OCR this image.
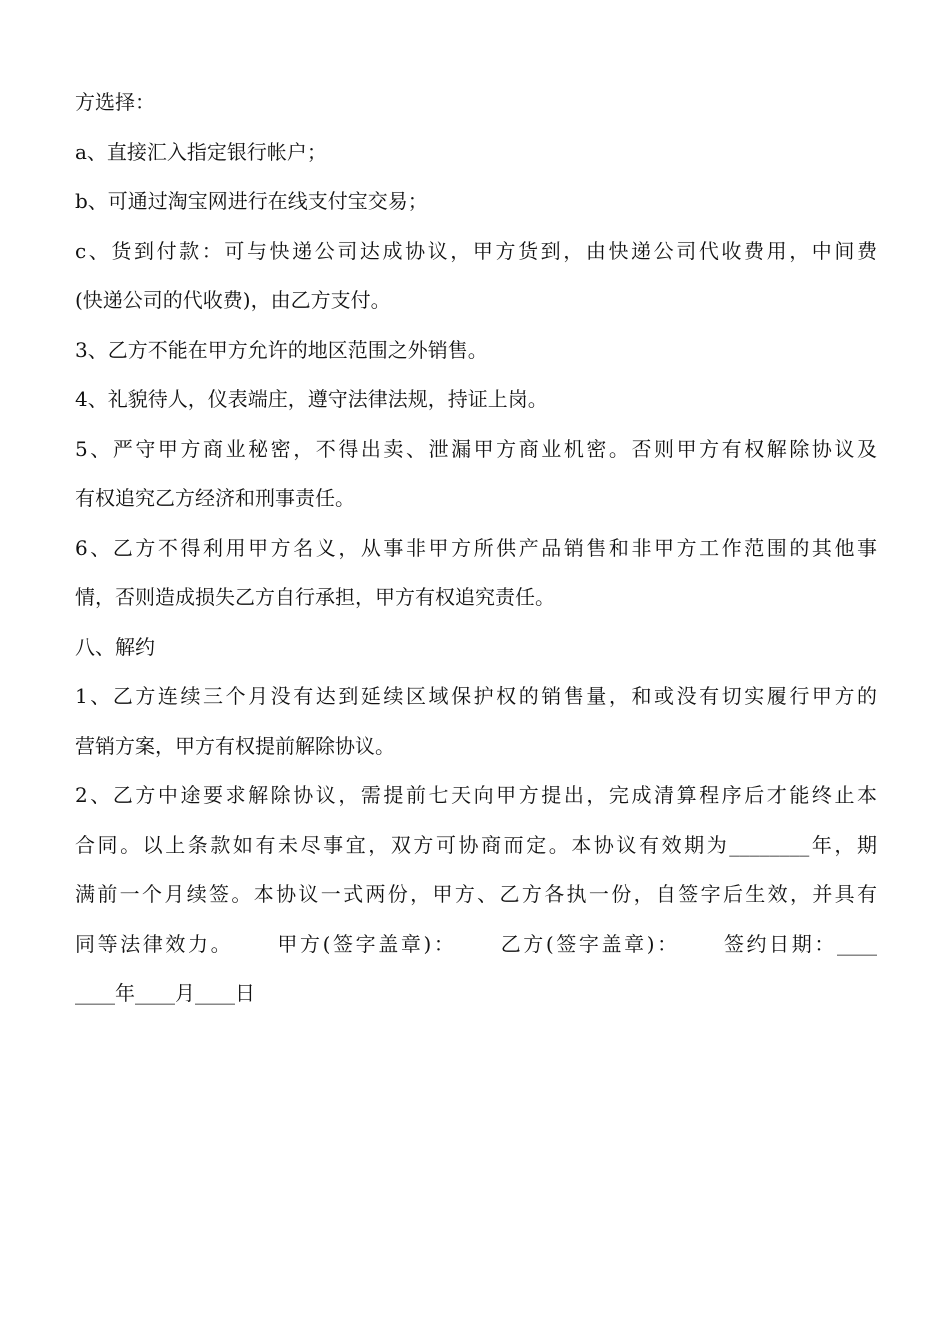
方选择：

a、直接汇入指定银行帐户；

b、可通过淘宝网进行在线支付宝交易；

c、货到付款：可与快递公司达成协议，甲方货到，由快递公司代收费用，中间费

(快递公司的代收费)，由乙方支付。

3、乙方不能在甲方允许的地区范围之外销售。

4、礼貌待人，仪表端庄，遵守法律法规，持证上岗。

5、严守甲方商业秘密，不得出卖、泄漏甲方商业机密。否则甲方有权解除协议及

有权追究乙方经济和刑事责任。

6、乙方不得利用甲方名义，从事非甲方所供产品销售和非甲方工作范围的其他事

情，否则造成损失乙方自行承担，甲方有权追究责任。

八、解约

1、乙方连续三个月没有达到延续区域保护权的销售量，和或没有切实履行甲方的

营销方案，甲方有权提前解除协议。

2、乙方中途要求解除协议，需提前七天向甲方提出，完成清算程序后才能终止本

合同。以上条款如有未尽事宜，双方可协商而定。本协议有效期为________年，期

满前一个月续签。本协议一式两份，甲方、乙方各执一份，自签字后生效，并具有

同等法律效力。　　 甲方(签字盖章)：　　 乙方(签字盖章)：　　 签约日期：____

____年____月____日
